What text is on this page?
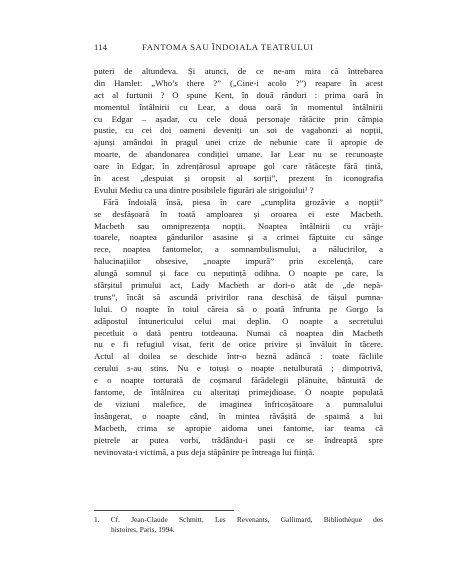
114	FANTOMA SAU ÎNDOIALA TEATRULUI
puteri de altundeva. Și atunci, de ce ne-am mira că întrebarea
din Hamlet: „Who’s there ?” („Cine-i acolo ?”) reapare în acest
act al furtunii ? O spune Kent, în două rânduri : prima oară în
momentul întâlnirii cu Lear, a doua oară în momentul întâlnirii
cu Edgar – așadar, cu cele două personaje rătăcite prin câmpia
pustie, cu cei doi oameni deveniți un soi de vagabonzi ai nopții,
ajunși amândoi în pragul unei crize de nebunie care îi apropie de
moarte, de abandonarea condiției umane. Iar Lear nu se recunoaște
oare în Edgar, în zdrențărosul aproape gol care rătăcește fără țintă,
în acest „despuiat și oropsit al sorții”, prezent în iconografia
Evului Mediu ca una dintre posibilele figurări ale strigoiului¹ ?
Fără îndoială însă, piesa în care „cumplita grozăvie a nopții”
se desfășoară în toată amploarea și oroarea ei este Macbeth.
Macbeth sau omniprezența nopții. Noaptea întâlnirii cu vrăji-
toarele, noaptea gândurilor asasine și a crimei făptuite cu sânge
rece, noaptea fantomelor, a somnambulismului, a nălucirilor, a
halucinațiilor obsesive, „noapte impură” prin excelență, care
alungă somnul și face cu neputință odihna. O noapte pe care, la
sfârșitul primului act, Lady Macbeth ar dori-o atât de „de nepă-
truns”, încât să ascundă privirilor rana deschisă de tăișul pumna-
lului. O noapte în toiul căreia să o poată înfrunta pe Gorgo la
adăpostul întunericului celui mai deplin. O noapte a secretului
pecetluit o dată pentru totdeauna. Numai că noaptea din Macbeth
nu e fi refugiul visat, ferit de orice privire și învăluit în tăcere.
Actul al doilea se deschide într-o beznă adâncă : toate făcliile
cerului s-au stins. Nu e totuși o noapte netulburată ; dimpotrivă,
e o noapte torturată de coșmarul fărădelegii plănuite, bântuită de
fantome, de întâlnirea cu alteritați primejdioase. O noapte populată
de viziuni malefice, de imaginea înfricoșătoare a pumnalului
însângerat, o noapte când, în mintea răvășită de spaimă a lui
Macbeth, crima se apropie aidoma unei fantome, iar teama că
pietrele ar putea vorbi, trădându-i pașii ce se îndreaptă spre
nevinovata-i victimă, a pus deja stăpânire pe întreaga lui ființă.
1. Cf. Jean-Claude Schmitt, Les Revenants, Gallimard, Bibliothèque des
histoires, Paris, 1994.
